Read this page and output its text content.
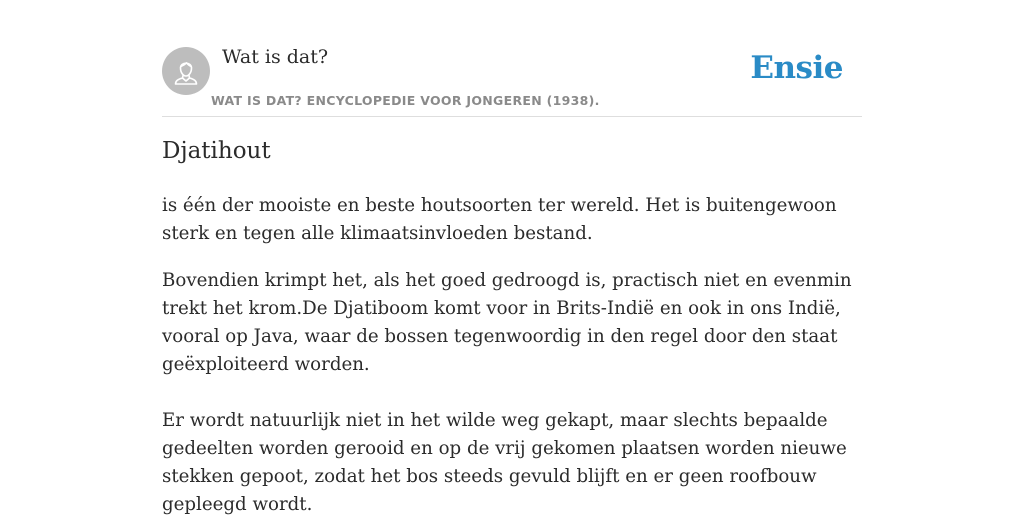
Wat is dat?
WAT IS DAT? ENCYCLOPEDIE VOOR JONGEREN (1938).
Ensie
Djatihout

is één der mooiste en beste houtsoorten ter wereld. Het is buitengewoon sterk en tegen alle klimaatsinvloeden bestand.

Bovendien krimpt het, als het goed gedroogd is, practisch niet en evenmin trekt het krom.De Djatiboom komt voor in Brits-Indië en ook in ons Indië, vooral op Java, waar de bossen tegenwoordig in den regel door den staat geëxploiteerd worden.

Er wordt natuurlijk niet in het wilde weg gekapt, maar slechts bepaalde gedeelten worden gerooid en op de vrij gekomen plaatsen worden nieuwe stekken gepoot, zodat het bos steeds gevuld blijft en er geen roofbouw gepleegd wordt.
